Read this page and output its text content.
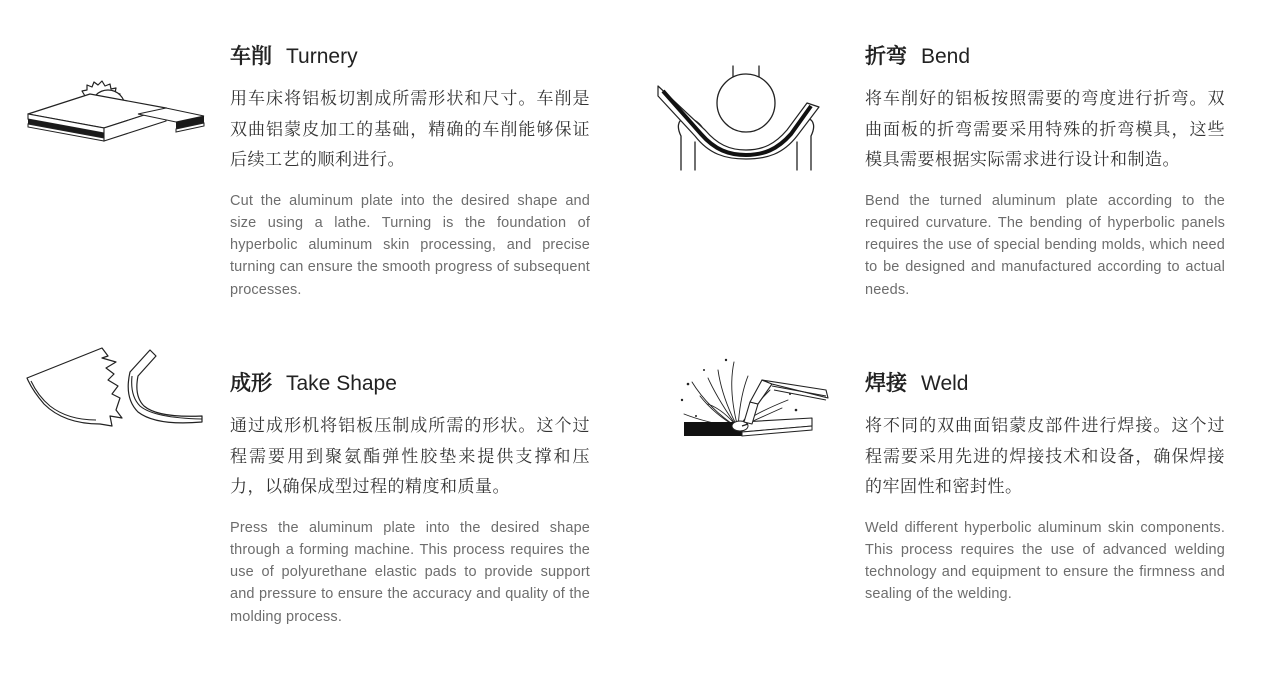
车削 Turnery

用车床将铝板切割成所需形状和尺寸。车削是双曲铝蒙皮加工的基础，精确的车削能够保证后续工艺的顺利进行。

Cut the aluminum plate into the desired shape and size using a lathe. Turning is the foundation of hyperbolic aluminum skin processing, and precise turning can ensure the smooth progress of subsequent processes.

折弯 Bend

将车削好的铝板按照需要的弯度进行折弯。双曲面板的折弯需要采用特殊的折弯模具，这些模具需要根据实际需求进行设计和制造。

Bend the turned aluminum plate according to the required curvature. The bending of hyperbolic panels requires the use of special bending molds, which need to be designed and manufactured according to actual needs.

成形 Take Shape

通过成形机将铝板压制成所需的形状。这个过程需要用到聚氨酯弹性胶垫来提供支撑和压力，以确保成型过程的精度和质量。

Press the aluminum plate into the desired shape through a forming machine. This process requires the use of polyurethane elastic pads to provide support and pressure to ensure the accuracy and quality of the molding process.

焊接 Weld

将不同的双曲面铝蒙皮部件进行焊接。这个过程需要采用先进的焊接技术和设备，确保焊接的牢固性和密封性。

Weld different hyperbolic aluminum skin components. This process requires the use of advanced welding technology and equipment to ensure the firmness and sealing of the welding.
